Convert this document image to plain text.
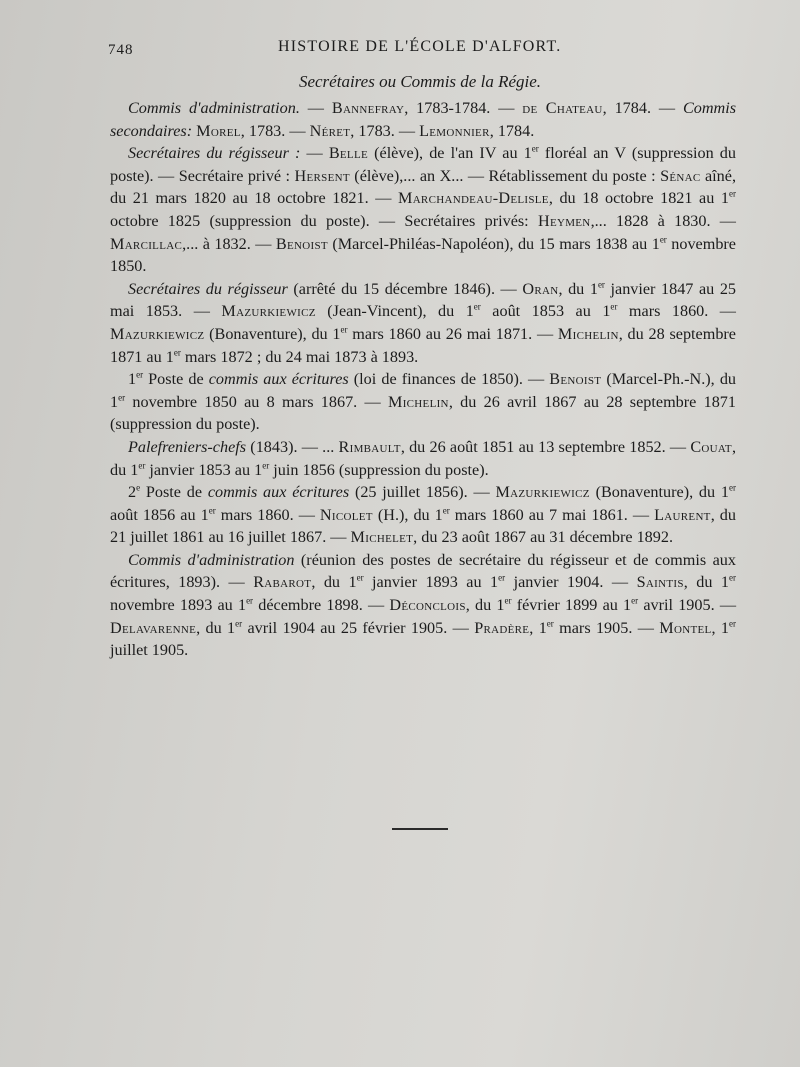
748	HISTOIRE DE L'ÉCOLE D'ALFORT.
Secrétaires ou Commis de la Régie.

Commis d'administration. — Bannefray, 1783-1784. — de Chateau, 1784. — Commis secondaires: Morel, 1783. — Néret, 1783. — Lemonnier, 1784.

Secrétaires du régisseur : — Belle (élève), de l'an IV au 1er floréal an V (suppression du poste). — Secrétaire privé : Hersent (élève),... an X... — Rétablissement du poste : Sénac aîné, du 21 mars 1820 au 18 octobre 1821. — Marchandeau-Delisle, du 18 octobre 1821 au 1er octobre 1825 (suppression du poste). — Secrétaires privés: Heymen,... 1828 à 1830. — Marcillac,... à 1832. — Benoist (Marcel-Philéas-Napoléon), du 15 mars 1838 au 1er novembre 1850.

Secrétaires du régisseur (arrêté du 15 décembre 1846). — Oran, du 1er janvier 1847 au 25 mai 1853. — Mazurkiewicz (Jean-Vincent), du 1er août 1853 au 1er mars 1860. — Mazurkiewicz (Bonaventure), du 1er mars 1860 au 26 mai 1871. — Michelin, du 28 septembre 1871 au 1er mars 1872 ; du 24 mai 1873 à 1893.

1er Poste de commis aux écritures (loi de finances de 1850). — Benoist (Marcel-Ph.-N.), du 1er novembre 1850 au 8 mars 1867. — Michelin, du 26 avril 1867 au 28 septembre 1871 (suppression du poste).

Palefreniers-chefs (1843). — ... Rimbault, du 26 août 1851 au 13 septembre 1852. — Couat, du 1er janvier 1853 au 1er juin 1856 (suppression du poste).

2e Poste de commis aux écritures (25 juillet 1856). — Mazurkiewicz (Bonaventure), du 1er août 1856 au 1er mars 1860. — Nicolet (H.), du 1er mars 1860 au 7 mai 1861. — Laurent, du 21 juillet 1861 au 16 juillet 1867. — Michelet, du 23 août 1867 au 31 décembre 1892.

Commis d'administration (réunion des postes de secrétaire du régisseur et de commis aux écritures, 1893). — Rabarot, du 1er janvier 1893 au 1er janvier 1904. — Saintis, du 1er novembre 1893 au 1er décembre 1898. — Déconclois, du 1er février 1899 au 1er avril 1905. — Delavarenne, du 1er avril 1904 au 25 février 1905. — Pradère, 1er mars 1905. — Montel, 1er juillet 1905.
